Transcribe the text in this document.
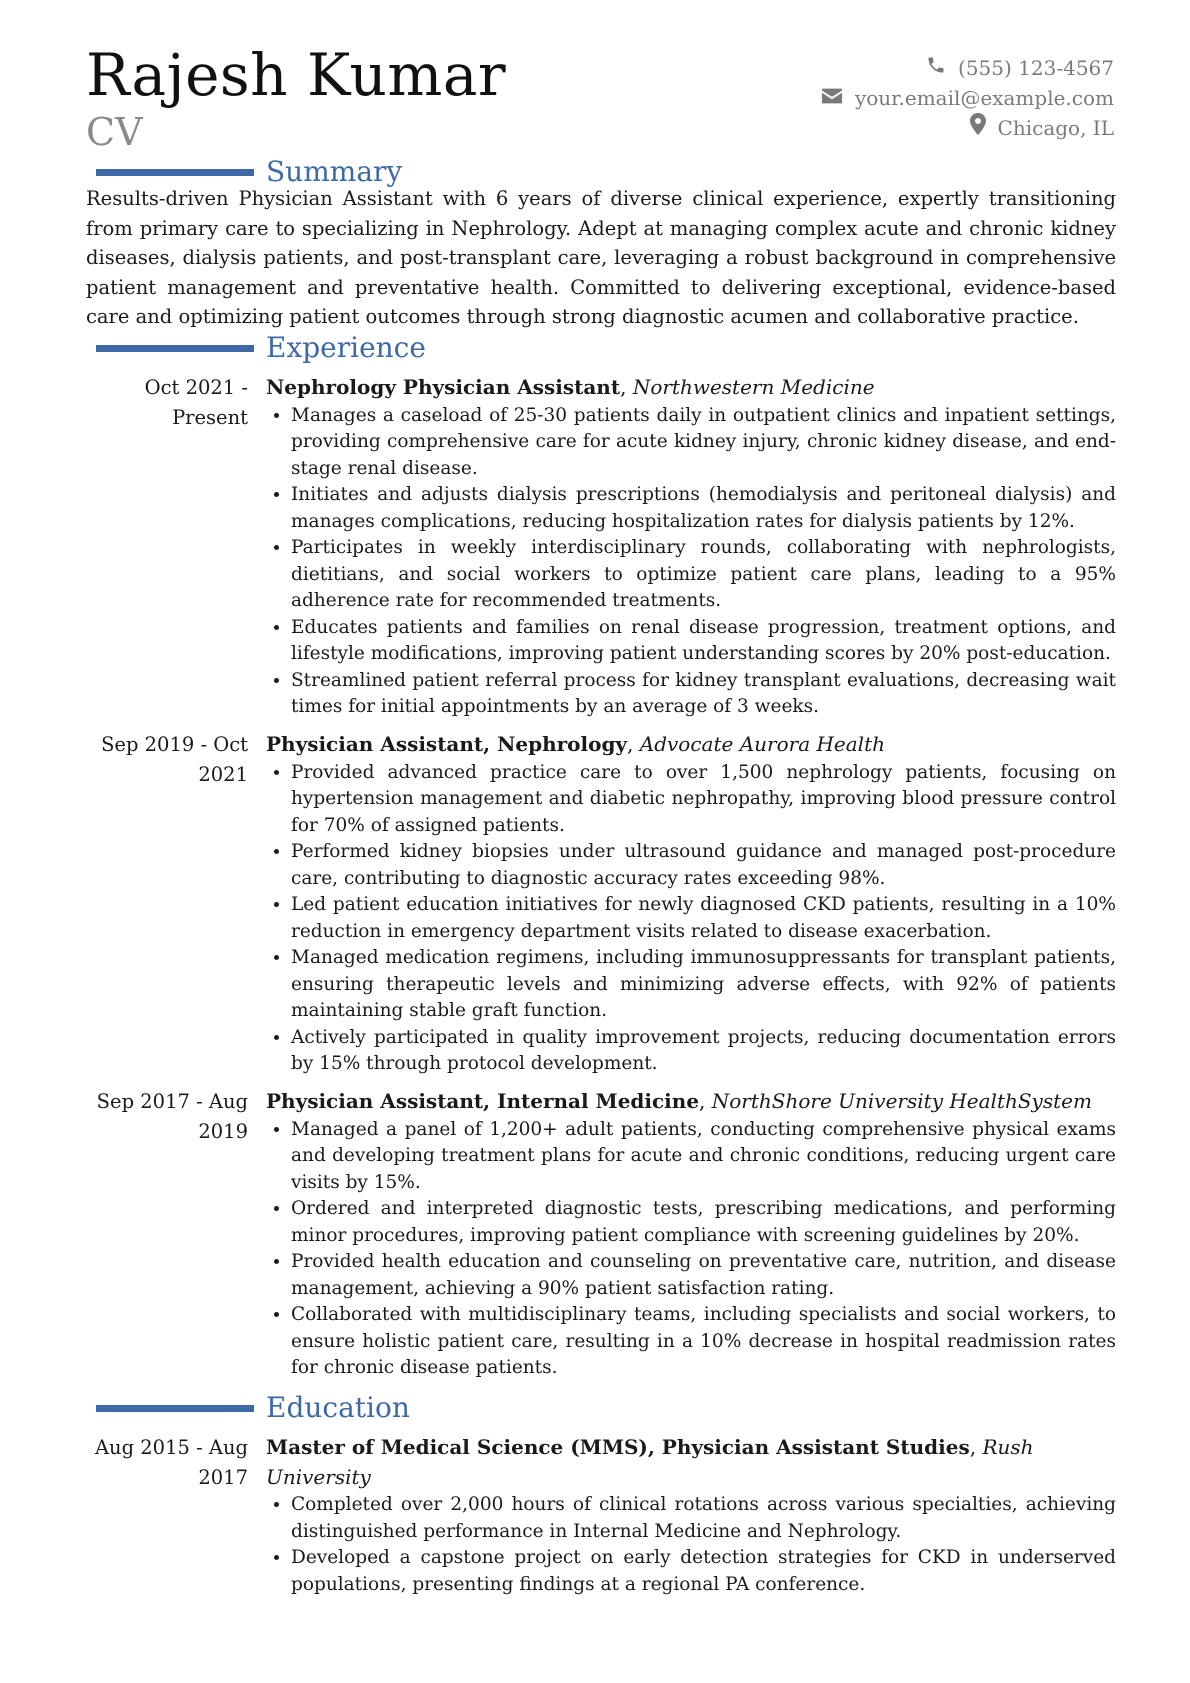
Rajesh Kumar
CV
(555) 123-4567
your.email@example.com
Chicago, IL
Summary

Results-driven Physician Assistant with 6 years of diverse clinical experience, expertly transitioning from primary care to specializing in Nephrology. Adept at managing complex acute and chronic kidney diseases, dialysis patients, and post-transplant care, leveraging a robust background in comprehensive patient management and preventative health. Committed to delivering exceptional, evidence-based care and optimizing patient outcomes through strong diagnostic acumen and collaborative practice.

Experience
Oct 2021 - Present

Nephrology Physician Assistant, Northwestern Medicine

• Manages a caseload of 25-30 patients daily in outpatient clinics and inpatient settings, providing comprehensive care for acute kidney injury, chronic kidney disease, and end-stage renal disease.
• Initiates and adjusts dialysis prescriptions (hemodialysis and peritoneal dialysis) and manages complications, reducing hospitalization rates for dialysis patients by 12%.
• Participates in weekly interdisciplinary rounds, collaborating with nephrologists, dietitians, and social workers to optimize patient care plans, leading to a 95% adherence rate for recommended treatments.
• Educates patients and families on renal disease progression, treatment options, and lifestyle modifications, improving patient understanding scores by 20% post-education.
• Streamlined patient referral process for kidney transplant evaluations, decreasing wait times for initial appointments by an average of 3 weeks.
Sep 2019 - Oct 2021

Physician Assistant, Nephrology, Advocate Aurora Health

• Provided advanced practice care to over 1,500 nephrology patients, focusing on hypertension management and diabetic nephropathy, improving blood pressure control for 70% of assigned patients.
• Performed kidney biopsies under ultrasound guidance and managed post-procedure care, contributing to diagnostic accuracy rates exceeding 98%.
• Led patient education initiatives for newly diagnosed CKD patients, resulting in a 10% reduction in emergency department visits related to disease exacerbation.
• Managed medication regimens, including immunosuppressants for transplant patients, ensuring therapeutic levels and minimizing adverse effects, with 92% of patients maintaining stable graft function.
• Actively participated in quality improvement projects, reducing documentation errors by 15% through protocol development.
Sep 2017 - Aug 2019

Physician Assistant, Internal Medicine, NorthShore University HealthSystem

• Managed a panel of 1,200+ adult patients, conducting comprehensive physical exams and developing treatment plans for acute and chronic conditions, reducing urgent care visits by 15%.
• Ordered and interpreted diagnostic tests, prescribing medications, and performing minor procedures, improving patient compliance with screening guidelines by 20%.
• Provided health education and counseling on preventative care, nutrition, and disease management, achieving a 90% patient satisfaction rating.
• Collaborated with multidisciplinary teams, including specialists and social workers, to ensure holistic patient care, resulting in a 10% decrease in hospital readmission rates for chronic disease patients.
Education
Aug 2015 - Aug 2017

Master of Medical Science (MMS), Physician Assistant Studies, Rush University

• Completed over 2,000 hours of clinical rotations across various specialties, achieving distinguished performance in Internal Medicine and Nephrology.
• Developed a capstone project on early detection strategies for CKD in underserved populations, presenting findings at a regional PA conference.
